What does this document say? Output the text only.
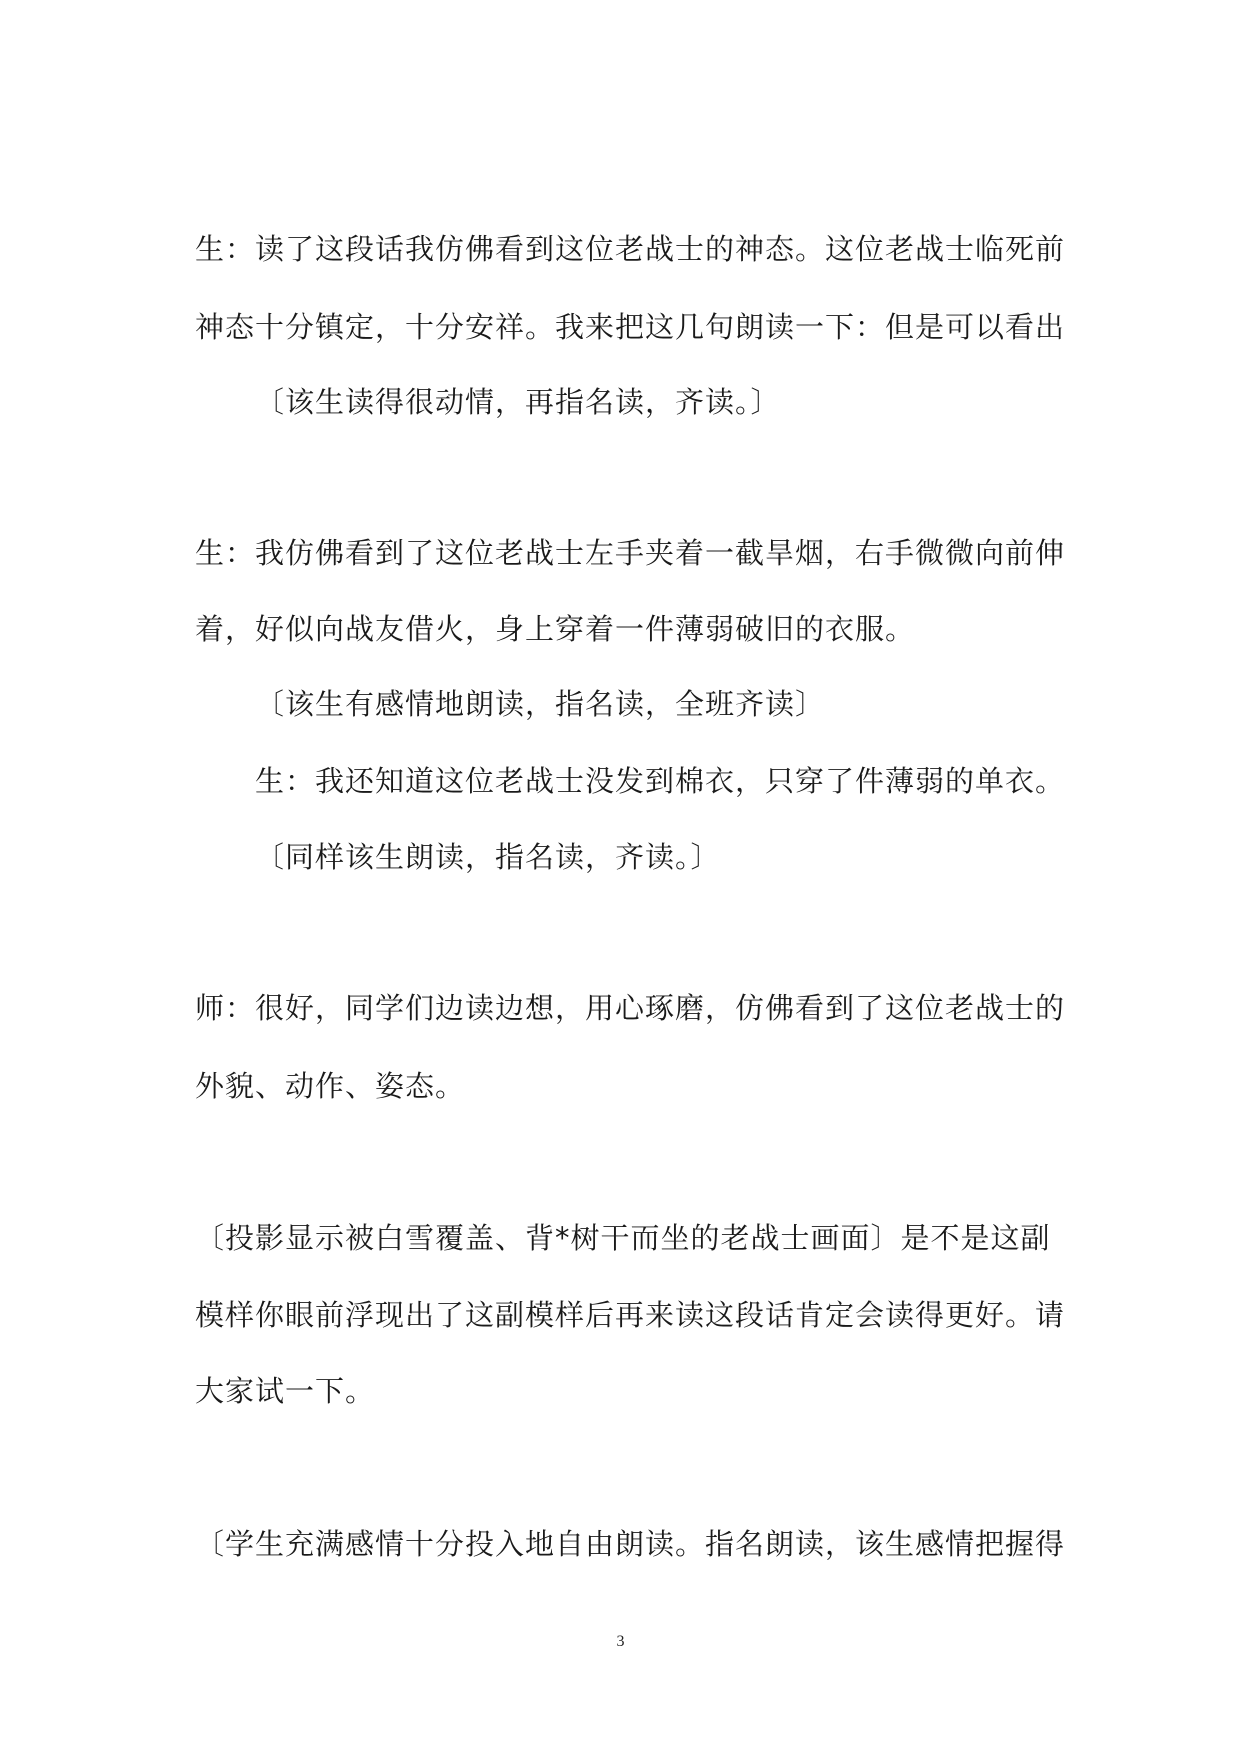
生：读了这段话我仿佛看到这位老战士的神态。这位老战士临死前
神态十分镇定，十分安祥。我来把这几句朗读一下：但是可以看出
〔该生读得很动情，再指名读，齐读。〕
生：我仿佛看到了这位老战士左手夹着一截旱烟，右手微微向前伸
着，好似向战友借火，身上穿着一件薄弱破旧的衣服。
〔该生有感情地朗读，指名读，全班齐读〕
生：我还知道这位老战士没发到棉衣，只穿了件薄弱的单衣。
〔同样该生朗读，指名读，齐读。〕
师：很好，同学们边读边想，用心琢磨，仿佛看到了这位老战士的
外貌、动作、姿态。
〔投影显示被白雪覆盖、背*树干而坐的老战士画面〕是不是这副
模样你眼前浮现出了这副模样后再来读这段话肯定会读得更好。请
大家试一下。
〔学生充满感情十分投入地自由朗读。指名朗读，该生感情把握得
3
